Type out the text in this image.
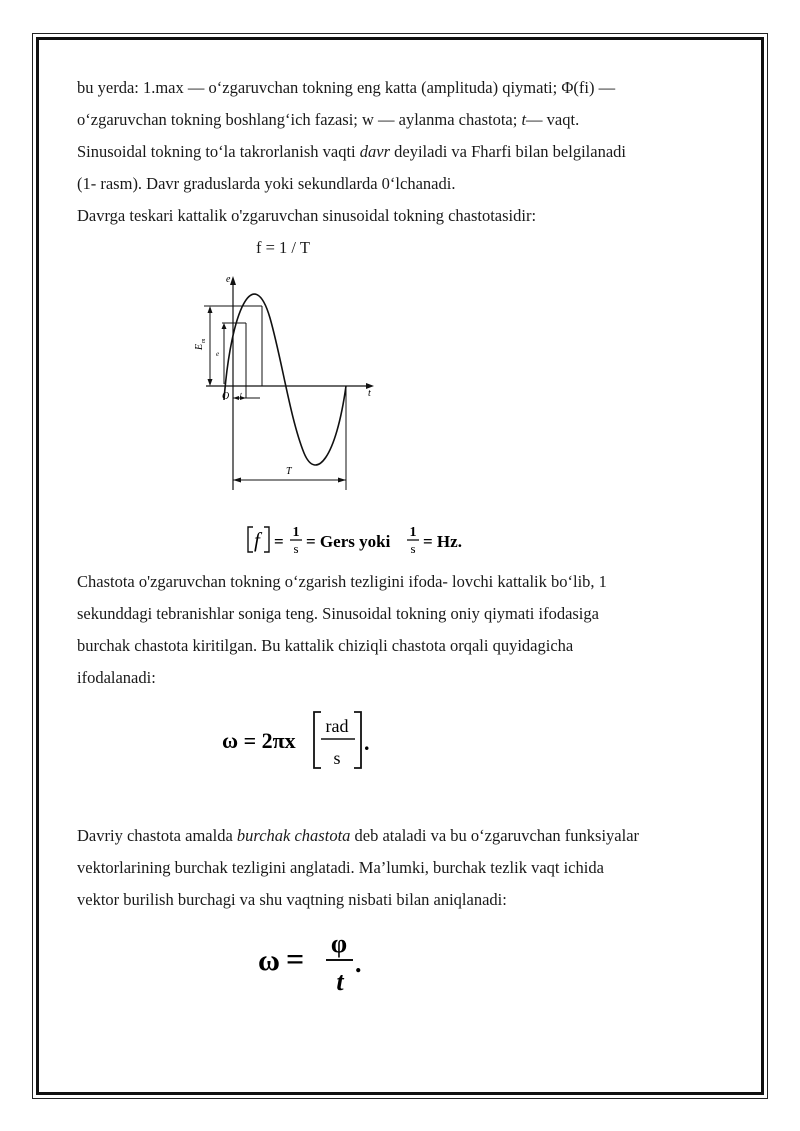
bu yerda: 1.max — o‘zgaruvchan tokning eng katta (amplituda) qiymati; Φ(fi) —
o‘zgaruvchan tokning boshlang‘ich fazasi; w — aylanma chastota; t— vaqt.
Sinusoidal tokning to‘la takrorlanish vaqti davr deyiladi va Fharfi bilan belgilanadi
(1- rasm). Davr graduslarda yoki sekundlarda 0‘lchanadi.
Davrga teskari kattalik o'zgaruvchan sinusoidal tokning chastotasidir:

f = 1 / T
e
t
O t
e
E
m
T
f = 1
s = Gers yoki 1
s = Hz.

Chastota o'zgaruvchan tokning o‘zgarish tezligini ifoda- lovchi kattalik bo‘lib, 1
sekunddagi tebranishlar soniga teng. Sinusoidal tokning oniy qiymati ifodasiga
burchak chastota kiritilgan. Bu kattalik chiziqli chastota orqali quyidagicha
ifodalanadi:

ω = 2πx
rad
s
.

Davriy chastota amalda burchak chastota deb ataladi va bu o‘zgaruvchan funksiyalar
vektorlarining burchak tezligini anglatadi. Ma’lumki, burchak tezlik vaqt ichida
vektor burilish burchagi va shu vaqtning nisbati bilan aniqlanadi:

ω = φ
t
.
